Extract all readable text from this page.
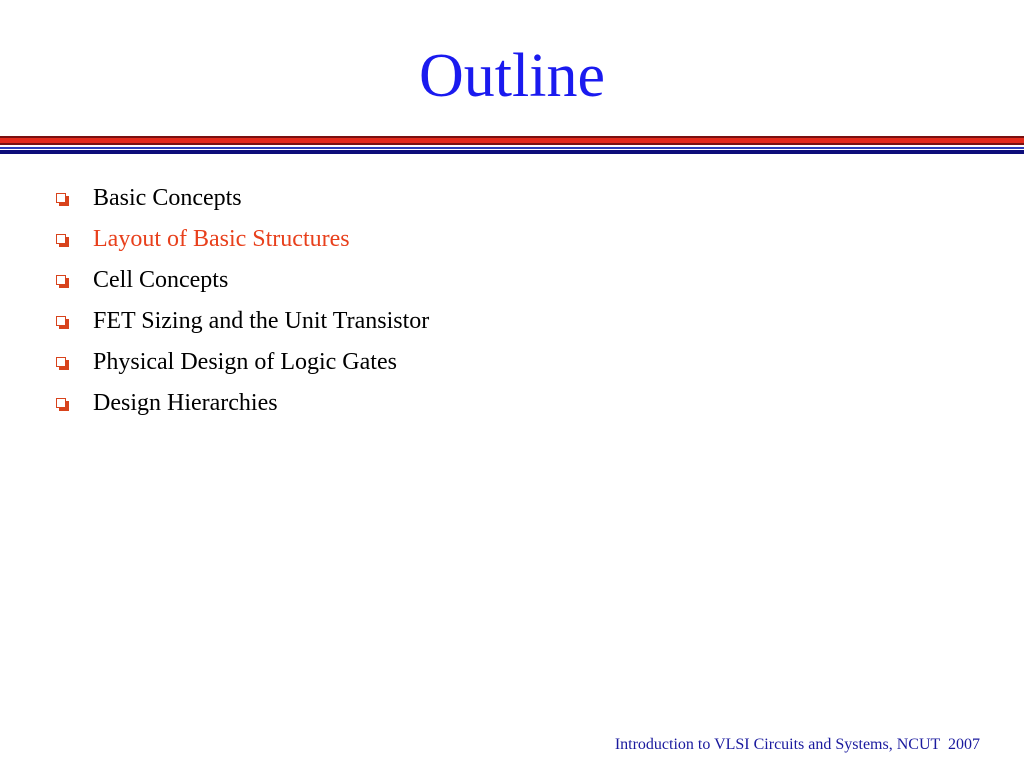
Outline
Basic Concepts
Layout of Basic Structures
Cell Concepts
FET Sizing and the Unit Transistor
Physical Design of Logic Gates
Design Hierarchies
Introduction to VLSI Circuits and Systems, NCUT  2007
